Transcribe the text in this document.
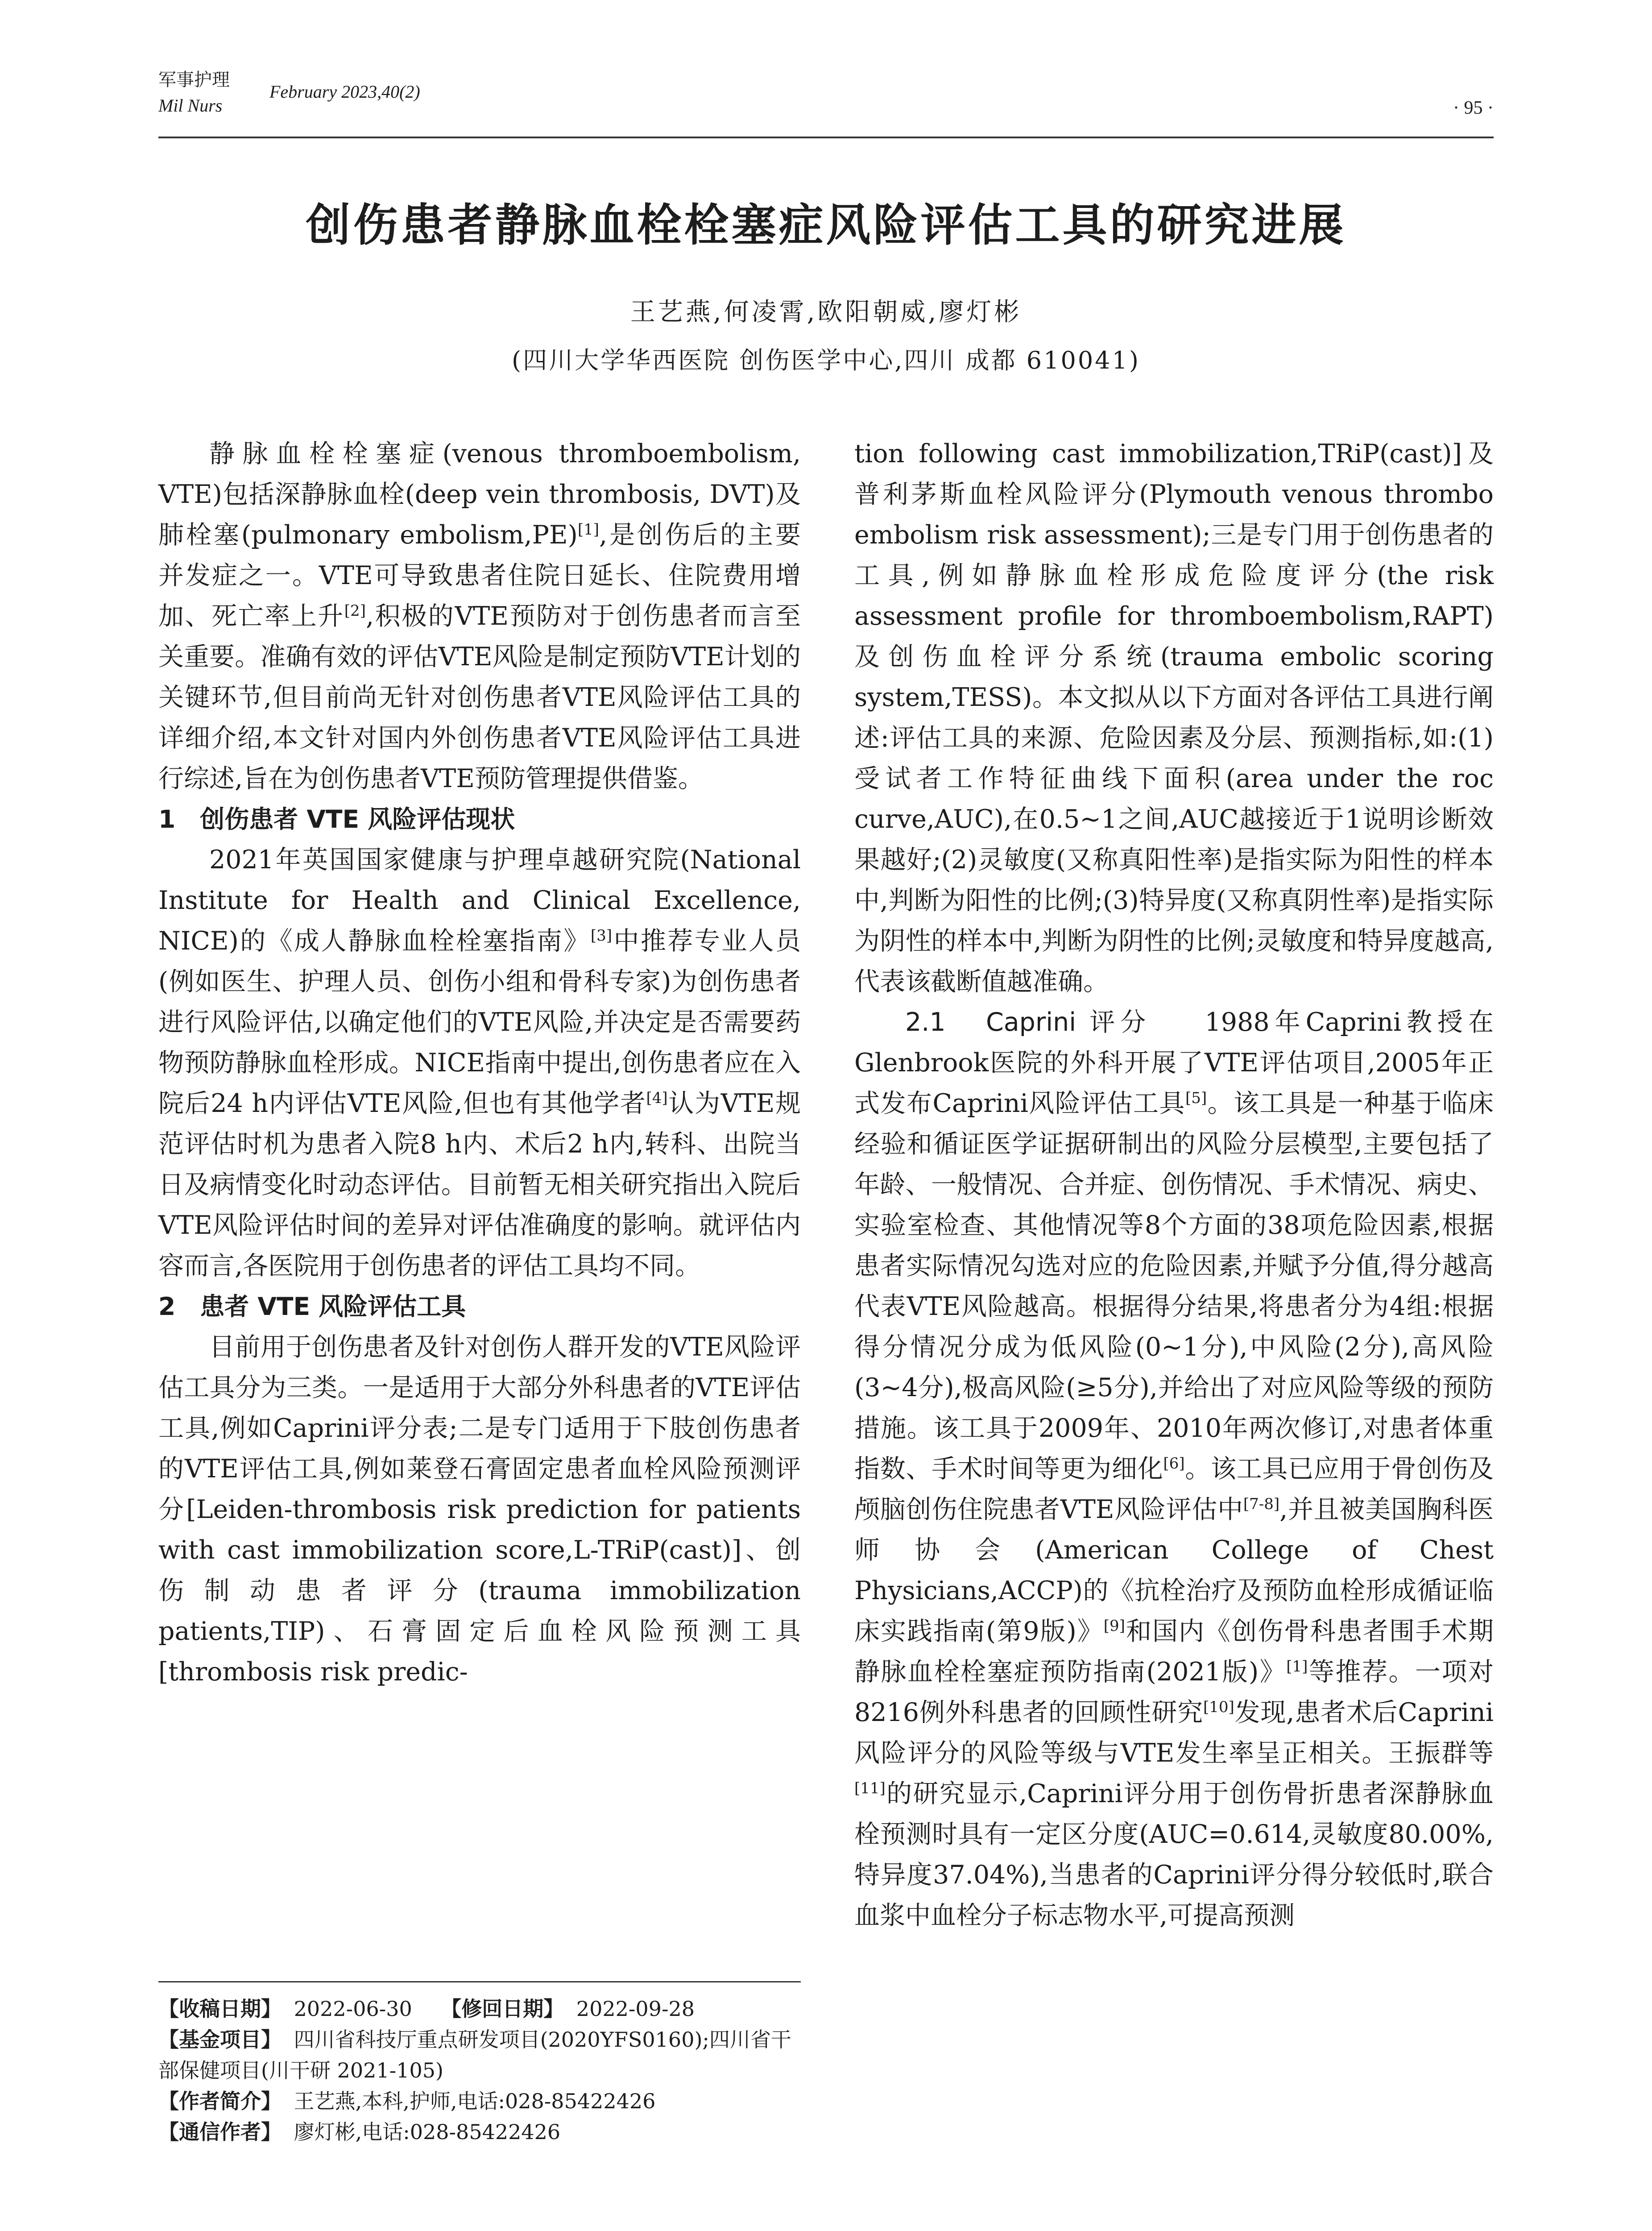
军事护理
Mil Nurs
February 2023,40(2)
· 95 ·
创伤患者静脉血栓栓塞症风险评估工具的研究进展
王艺燕,何凌霄,欧阳朝威,廖灯彬
(四川大学华西医院 创伤医学中心,四川 成都 610041)

静脉血栓栓塞症(venous thromboembolism, VTE)包括深静脉血栓(deep vein thrombosis, DVT)及肺栓塞(pulmonary embolism,PE)[1],是创伤后的主要并发症之一。VTE可导致患者住院日延长、住院费用增加、死亡率上升[2],积极的VTE预防对于创伤患者而言至关重要。准确有效的评估VTE风险是制定预防VTE计划的关键环节,但目前尚无针对创伤患者VTE风险评估工具的详细介绍,本文针对国内外创伤患者VTE风险评估工具进行综述,旨在为创伤患者VTE预防管理提供借鉴。

1 创伤患者 VTE 风险评估现状

2021年英国国家健康与护理卓越研究院(National Institute for Health and Clinical Excellence, NICE)的《成人静脉血栓栓塞指南》[3]中推荐专业人员(例如医生、护理人员、创伤小组和骨科专家)为创伤患者进行风险评估,以确定他们的VTE风险,并决定是否需要药物预防静脉血栓形成。NICE指南中提出,创伤患者应在入院后24 h内评估VTE风险,但也有其他学者[4]认为VTE规范评估时机为患者入院8 h内、术后2 h内,转科、出院当日及病情变化时动态评估。目前暂无相关研究指出入院后VTE风险评估时间的差异对评估准确度的影响。就评估内容而言,各医院用于创伤患者的评估工具均不同。

2 患者 VTE 风险评估工具

目前用于创伤患者及针对创伤人群开发的VTE风险评估工具分为三类。一是适用于大部分外科患者的VTE评估工具,例如Caprini评分表;二是专门适用于下肢创伤患者的VTE评估工具,例如莱登石膏固定患者血栓风险预测评分[Leiden-thrombosis risk prediction for patients with cast immobilization score,L-TRiP(cast)]、创伤制动患者评分(trauma immobilization patients,TIP)、石膏固定后血栓风险预测工具[thrombosis risk predic-

【收稿日期】 2022-06-30 【修回日期】 2022-09-28

【基金项目】 四川省科技厅重点研发项目(2020YFS0160);四川省干部保健项目(川干研 2021-105)

【作者简介】 王艺燕,本科,护师,电话:028-85422426

【通信作者】 廖灯彬,电话:028-85422426

tion following cast immobilization,TRiP(cast)]及普利茅斯血栓风险评分(Plymouth venous thrombo embolism risk assessment);三是专门用于创伤患者的工具,例如静脉血栓形成危险度评分(the risk assessment profile for thromboembolism,RAPT)及创伤血栓评分系统(trauma embolic scoring system,TESS)。本文拟从以下方面对各评估工具进行阐述:评估工具的来源、危险因素及分层、预测指标,如:(1)受试者工作特征曲线下面积(area under the roc curve,AUC),在0.5~1之间,AUC越接近于1说明诊断效果越好;(2)灵敏度(又称真阳性率)是指实际为阳性的样本中,判断为阳性的比例;(3)特异度(又称真阴性率)是指实际为阴性的样本中,判断为阴性的比例;灵敏度和特异度越高,代表该截断值越准确。

2.1 Caprini 评分 1988年Caprini教授在Glenbrook医院的外科开展了VTE评估项目,2005年正式发布Caprini风险评估工具[5]。该工具是一种基于临床经验和循证医学证据研制出的风险分层模型,主要包括了年龄、一般情况、合并症、创伤情况、手术情况、病史、实验室检查、其他情况等8个方面的38项危险因素,根据患者实际情况勾选对应的危险因素,并赋予分值,得分越高代表VTE风险越高。根据得分结果,将患者分为4组:根据得分情况分成为低风险(0~1分),中风险(2分),高风险(3~4分),极高风险(≥5分),并给出了对应风险等级的预防措施。该工具于2009年、2010年两次修订,对患者体重指数、手术时间等更为细化[6]。该工具已应用于骨创伤及颅脑创伤住院患者VTE风险评估中[7-8],并且被美国胸科医师协会(American College of Chest Physicians,ACCP)的《抗栓治疗及预防血栓形成循证临床实践指南(第9版)》[9]和国内《创伤骨科患者围手术期静脉血栓栓塞症预防指南(2021版)》[1]等推荐。一项对8216例外科患者的回顾性研究[10]发现,患者术后Caprini风险评分的风险等级与VTE发生率呈正相关。王振群等[11]的研究显示,Caprini评分用于创伤骨折患者深静脉血栓预测时具有一定区分度(AUC=0.614,灵敏度80.00%,特异度37.04%),当患者的Caprini评分得分较低时,联合血浆中血栓分子标志物水平,可提高预测
